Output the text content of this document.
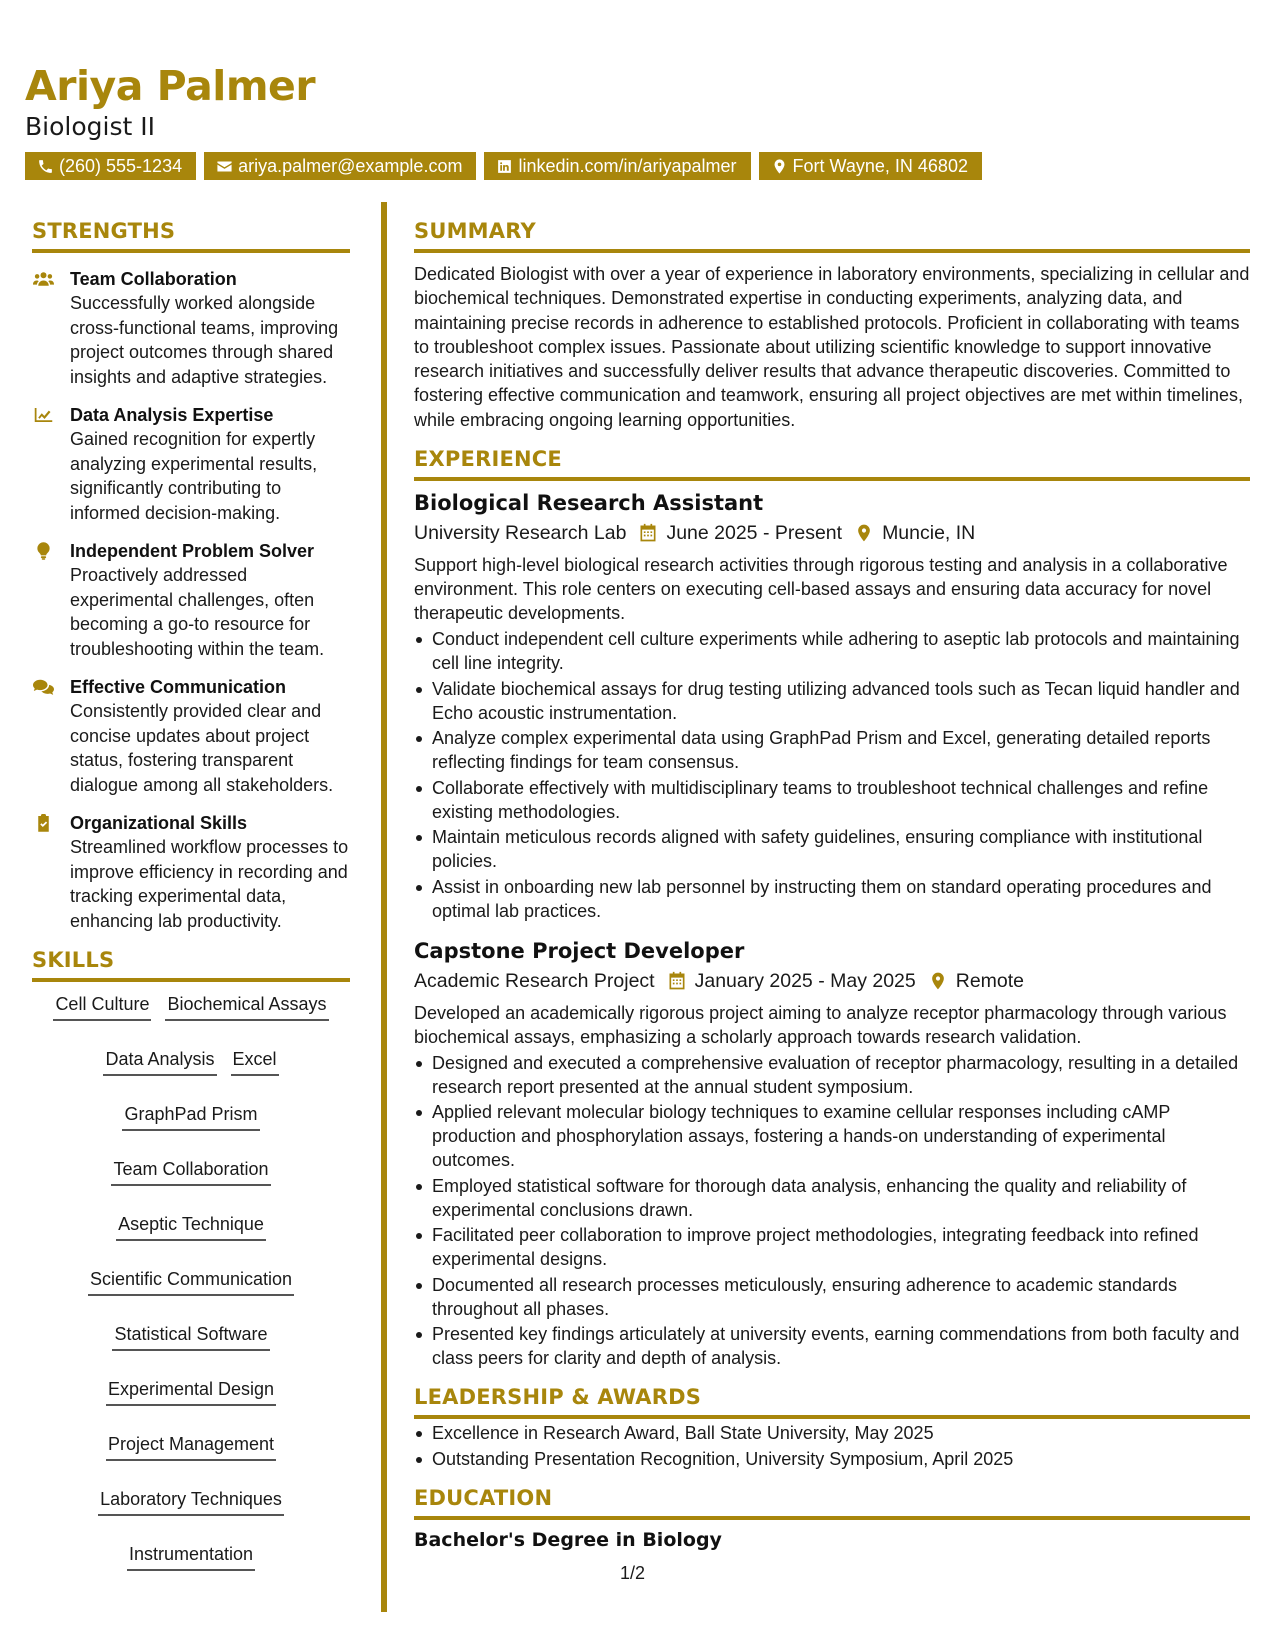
Ariya Palmer
Biologist II
(260) 555-1234	ariya.palmer@example.com	linkedin.com/in/ariyapalmer	Fort Wayne, IN 46802
STRENGTHS
Team Collaboration
Successfully worked alongside cross-functional teams, improving project outcomes through shared insights and adaptive strategies.
Data Analysis Expertise
Gained recognition for expertly analyzing experimental results, significantly contributing to informed decision-making.
Independent Problem Solver
Proactively addressed experimental challenges, often becoming a go-to resource for troubleshooting within the team.
Effective Communication
Consistently provided clear and concise updates about project status, fostering transparent dialogue among all stakeholders.
Organizational Skills
Streamlined workflow processes to improve efficiency in recording and tracking experimental data, enhancing lab productivity.
SKILLS
Cell Culture Biochemical Assays
Data Analysis Excel
GraphPad Prism
Team Collaboration
Aseptic Technique
Scientific Communication
Statistical Software
Experimental Design
Project Management
Laboratory Techniques
Instrumentation
SUMMARY
Dedicated Biologist with over a year of experience in laboratory environments, specializing in cellular and biochemical techniques. Demonstrated expertise in conducting experiments, analyzing data, and maintaining precise records in adherence to established protocols. Proficient in collaborating with teams to troubleshoot complex issues. Passionate about utilizing scientific knowledge to support innovative research initiatives and successfully deliver results that advance therapeutic discoveries. Committed to fostering effective communication and teamwork, ensuring all project objectives are met within timelines, while embracing ongoing learning opportunities.
EXPERIENCE
Biological Research Assistant
University Research Lab June 2025 - Present Muncie, IN
Support high-level biological research activities through rigorous testing and analysis in a collaborative environment. This role centers on executing cell-based assays and ensuring data accuracy for novel therapeutic developments.
Conduct independent cell culture experiments while adhering to aseptic lab protocols and maintaining cell line integrity.
Validate biochemical assays for drug testing utilizing advanced tools such as Tecan liquid handler and Echo acoustic instrumentation.
Analyze complex experimental data using GraphPad Prism and Excel, generating detailed reports reflecting findings for team consensus.
Collaborate effectively with multidisciplinary teams to troubleshoot technical challenges and refine existing methodologies.
Maintain meticulous records aligned with safety guidelines, ensuring compliance with institutional policies.
Assist in onboarding new lab personnel by instructing them on standard operating procedures and optimal lab practices.
Capstone Project Developer
Academic Research Project January 2025 - May 2025 Remote
Developed an academically rigorous project aiming to analyze receptor pharmacology through various biochemical assays, emphasizing a scholarly approach towards research validation.
Designed and executed a comprehensive evaluation of receptor pharmacology, resulting in a detailed research report presented at the annual student symposium.
Applied relevant molecular biology techniques to examine cellular responses including cAMP production and phosphorylation assays, fostering a hands-on understanding of experimental outcomes.
Employed statistical software for thorough data analysis, enhancing the quality and reliability of experimental conclusions drawn.
Facilitated peer collaboration to improve project methodologies, integrating feedback into refined experimental designs.
Documented all research processes meticulously, ensuring adherence to academic standards throughout all phases.
Presented key findings articulately at university events, earning commendations from both faculty and class peers for clarity and depth of analysis.
LEADERSHIP & AWARDS
Excellence in Research Award, Ball State University, May 2025
Outstanding Presentation Recognition, University Symposium, April 2025
EDUCATION
Bachelor's Degree in Biology
1/2
